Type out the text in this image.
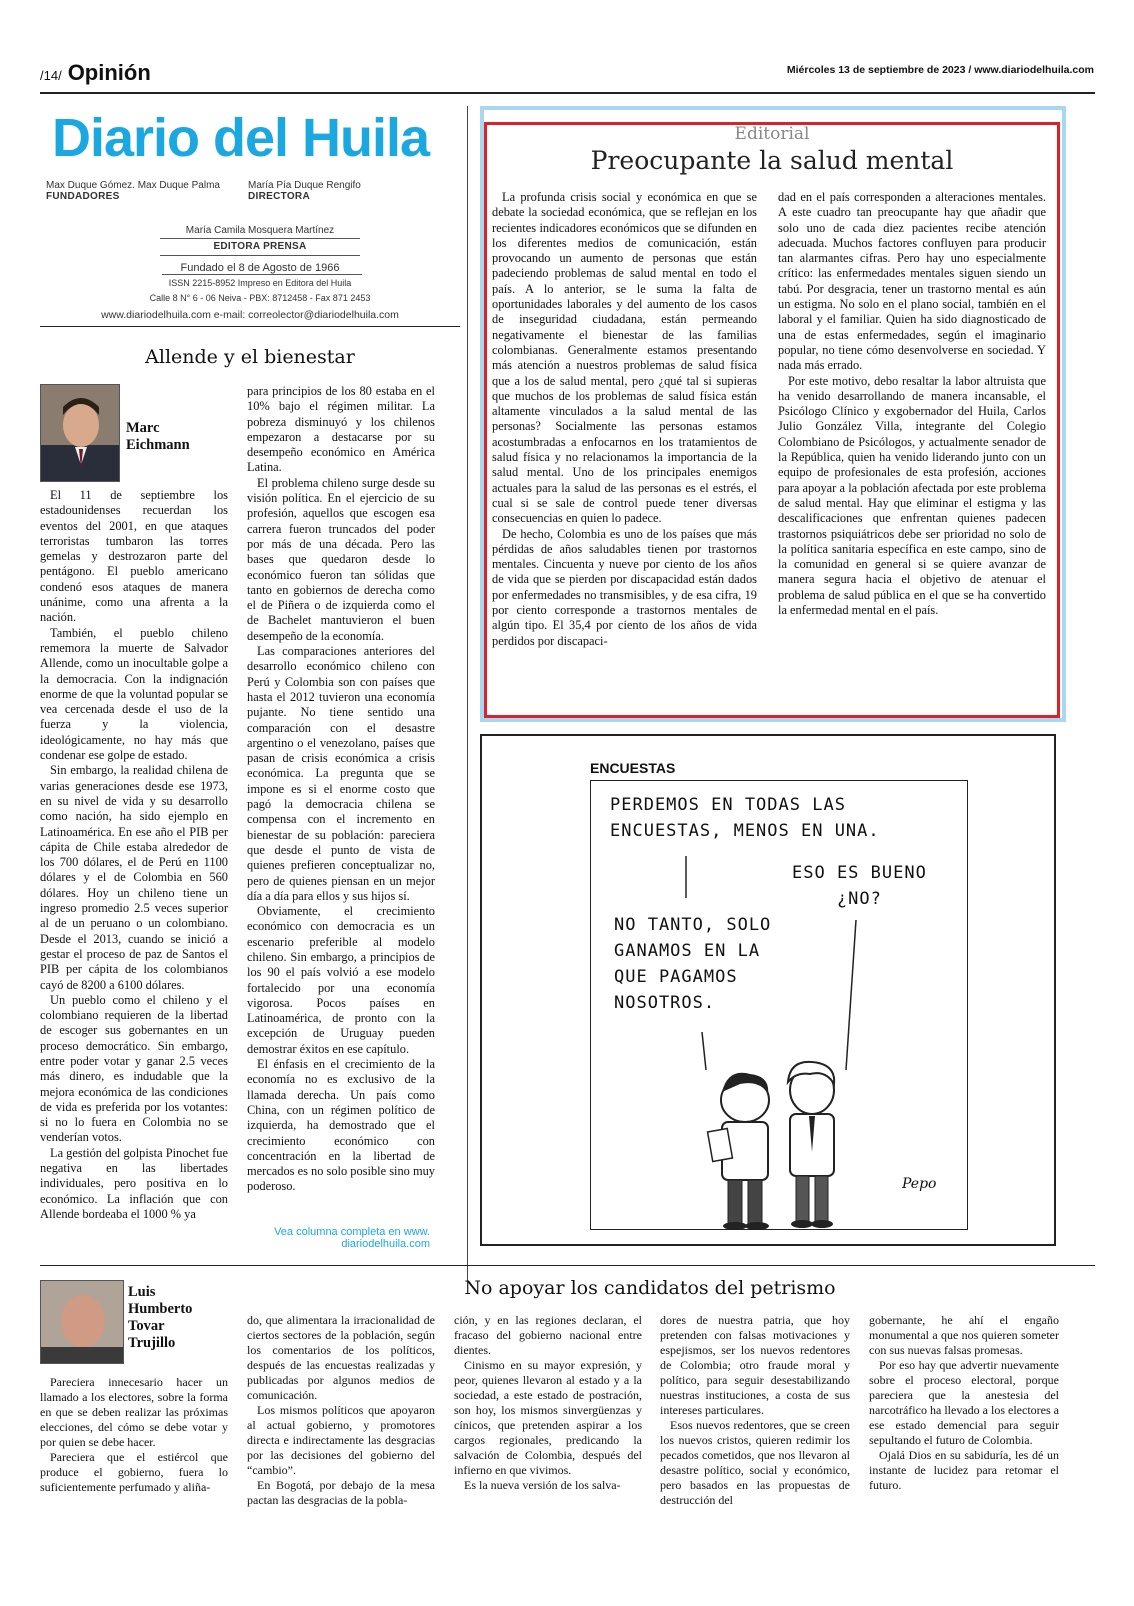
/14/ Opinión	Miércoles 13 de septiembre de 2023 / www.diariodelhuila.com
Diario del Huila
Max Duque Gómez. Max Duque Palma
FUNDADORES
María Pía Duque Rengifo
DIRECTORA
María Camila Mosquera Martínez
EDITORA PRENSA
Fundado el 8 de Agosto de 1966
ISSN 2215-8952 Impreso en Editora del Huila
Calle 8 N° 6 - 06 Neiva - PBX: 8712458 - Fax 871 2453
www.diariodelhuila.com e-mail: correolector@diariodelhuila.com
Allende y el bienestar
Marc
Eichmann

El 11 de septiembre los estadounidenses recuerdan los eventos del 2001, en que ataques terroristas tumbaron las torres gemelas y destrozaron parte del pentágono. El pueblo americano condenó esos ataques de manera unánime, como una afrenta a la nación.

También, el pueblo chileno rememora la muerte de Salvador Allende, como un inocultable golpe a la democracia. Con la indignación enorme de que la voluntad popular se vea cercenada desde el uso de la fuerza y la violencia, ideológicamente, no hay más que condenar ese golpe de estado.

Sin embargo, la realidad chilena de varias generaciones desde ese 1973, en su nivel de vida y su desarrollo como nación, ha sido ejemplo en Latinoamérica. En ese año el PIB per cápita de Chile estaba alrededor de los 700 dólares, el de Perú en 1100 dólares y el de Colombia en 560 dólares. Hoy un chileno tiene un ingreso promedio 2.5 veces superior al de un peruano o un colombiano. Desde el 2013, cuando se inició a gestar el proceso de paz de Santos el PIB per cápita de los colombianos cayó de 8200 a 6100 dólares.

Un pueblo como el chileno y el colombiano requieren de la libertad de escoger sus gobernantes en un proceso democrático. Sin embargo, entre poder votar y ganar 2.5 veces más dinero, es indudable que la mejora económica de las condiciones de vida es preferida por los votantes: si no lo fuera en Colombia no se venderían votos.

La gestión del golpista Pinochet fue negativa en las libertades individuales, pero positiva en lo económico. La inflación que con Allende bordeaba el 1000 % ya

para principios de los 80 estaba en el 10% bajo el régimen militar. La pobreza disminuyó y los chilenos empezaron a destacarse por su desempeño económico en América Latina.

El problema chileno surge desde su visión política. En el ejercicio de su profesión, aquellos que escogen esa carrera fueron truncados del poder por más de una década. Pero las bases que quedaron desde lo económico fueron tan sólidas que tanto en gobiernos de derecha como el de Piñera o de izquierda como el de Bachelet mantuvieron el buen desempeño de la economía.

Las comparaciones anteriores del desarrollo económico chileno con Perú y Colombia son con países que hasta el 2012 tuvieron una economía pujante. No tiene sentido una comparación con el desastre argentino o el venezolano, países que pasan de crisis económica a crisis económica. La pregunta que se impone es si el enorme costo que pagó la democracia chilena se compensa con el incremento en bienestar de su población: pareciera que desde el punto de vista de quienes prefieren conceptualizar no, pero de quienes piensan en un mejor día a día para ellos y sus hijos sí.

Obviamente, el crecimiento económico con democracia es un escenario preferible al modelo chileno. Sin embargo, a principios de los 90 el país volvió a ese modelo fortalecido por una economía vigorosa. Pocos países en Latinoamérica, de pronto con la excepción de Uruguay pueden demostrar éxitos en ese capítulo.

El énfasis en el crecimiento de la economía no es exclusivo de la llamada derecha. Un país como China, con un régimen político de izquierda, ha demostrado que el crecimiento económico con concentración en la libertad de mercados es no solo posible sino muy poderoso.

Vea columna completa en www. diariodelhuila.com
Editorial
Preocupante la salud mental

La profunda crisis social y económica en que se debate la sociedad económica, que se reflejan en los recientes indicadores económicos que se difunden en los diferentes medios de comunicación, están provocando un aumento de personas que están padeciendo problemas de salud mental en todo el país. A lo anterior, se le suma la falta de oportunidades laborales y del aumento de los casos de inseguridad ciudadana, están permeando negativamente el bienestar de las familias colombianas. Generalmente estamos presentando más atención a nuestros problemas de salud física que a los de salud mental, pero ¿qué tal si supieras que muchos de los problemas de salud física están altamente vinculados a la salud mental de las personas? Socialmente las personas estamos acostumbradas a enfocarnos en los tratamientos de salud física y no relacionamos la importancia de la salud mental. Uno de los principales enemigos actuales para la salud de las personas es el estrés, el cual si se sale de control puede tener diversas consecuencias en quien lo padece.

De hecho, Colombia es uno de los países que más pérdidas de años saludables tienen por trastornos mentales. Cincuenta y nueve por ciento de los años de vida que se pierden por discapacidad están dados por enfermedades no transmisibles, y de esa cifra, 19 por ciento corresponde a trastornos mentales de algún tipo. El 35,4 por ciento de los años de vida perdidos por discapaci-

dad en el país corresponden a alteraciones mentales. A este cuadro tan preocupante hay que añadir que solo uno de cada diez pacientes recibe atención adecuada. Muchos factores confluyen para producir tan alarmantes cifras. Pero hay uno especialmente crítico: las enfermedades mentales siguen siendo un tabú. Por desgracia, tener un trastorno mental es aún un estigma. No solo en el plano social, también en el laboral y el familiar. Quien ha sido diagnosticado de una de estas enfermedades, según el imaginario popular, no tiene cómo desenvolverse en sociedad. Y nada más errado.

Por este motivo, debo resaltar la labor altruista que ha venido desarrollando de manera incansable, el Psicólogo Clínico y exgobernador del Huila, Carlos Julio González Villa, integrante del Colegio Colombiano de Psicólogos, y actualmente senador de la República, quien ha venido liderando junto con un equipo de profesionales de esta profesión, acciones para apoyar a la población afectada por este problema de salud mental. Hay que eliminar el estigma y las descalificaciones que enfrentan quienes padecen trastornos psiquiátricos debe ser prioridad no solo de la política sanitaria específica en este campo, sino de la comunidad en general si se quiere avanzar de manera segura hacia el objetivo de atenuar el problema de salud pública en el que se ha convertido la enfermedad mental en el país.

ENCUESTAS
PERDEMOS EN TODAS LAS
ENCUESTAS, MENOS EN UNA.
ESO ES BUENO
¿NO?
NO TANTO, SOLO
GANAMOS EN LA
QUE PAGAMOS
NOSOTROS.
Pepo
No apoyar los candidatos del petrismo
Luis
Humberto
Tovar
Trujillo

Pareciera innecesario hacer un llamado a los electores, sobre la forma en que se deben realizar las próximas elecciones, del cómo se debe votar y por quien se debe hacer.

Pareciera que el estiércol que produce el gobierno, fuera lo suficientemente perfumado y aliña-

do, que alimentara la irracionalidad de ciertos sectores de la población, según los comentarios de los políticos, después de las encuestas realizadas y publicadas por algunos medios de comunicación.

Los mismos políticos que apoyaron al actual gobierno, y promotores directa e indirectamente las desgracias por las decisiones del gobierno del “cambio”.

En Bogotá, por debajo de la mesa pactan las desgracias de la pobla-

ción, y en las regiones declaran, el fracaso del gobierno nacional entre dientes.

Cinismo en su mayor expresión, y peor, quienes llevaron al estado y a la sociedad, a este estado de postración, son hoy, los mismos sinvergüenzas y cínicos, que pretenden aspirar a los cargos regionales, predicando la salvación de Colombia, después del infierno en que vivimos.

Es la nueva versión de los salva-

dores de nuestra patria, que hoy pretenden con falsas motivaciones y espejismos, ser los nuevos redentores de Colombia; otro fraude moral y político, para seguir desestabilizando nuestras instituciones, a costa de sus intereses particulares.

Esos nuevos redentores, que se creen los nuevos cristos, quieren redimir los pecados cometidos, que nos llevaron al desastre político, social y económico, pero basados en las propuestas de destrucción del

gobernante, he ahí el engaño monumental a que nos quieren someter con sus nuevas falsas promesas.

Por eso hay que advertir nuevamente sobre el proceso electoral, porque pareciera que la anestesia del narcotráfico ha llevado a los electores a ese estado demencial para seguir sepultando el futuro de Colombia.

Ojalá Dios en su sabiduría, les dé un instante de lucidez para retomar el futuro.
